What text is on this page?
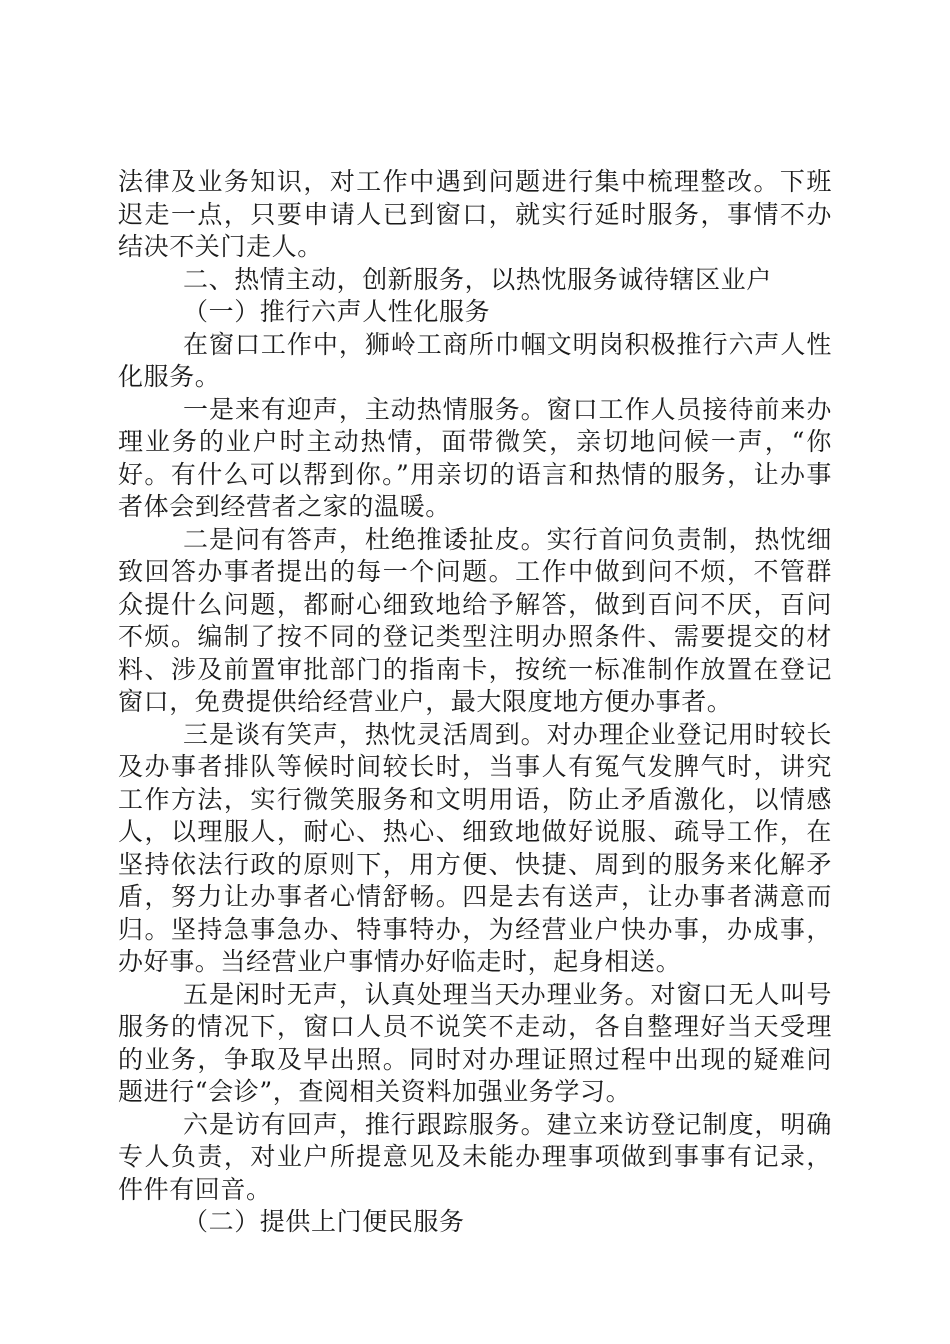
法律及业务知识，对工作中遇到问题进行集中梳理整改。下班迟走一点，只要申请人已到窗口，就实行延时服务，事情不办结决不关门走人。

二、热情主动，创新服务，以热忱服务诚待辖区业户

（一）推行六声人性化服务

在窗口工作中，狮岭工商所巾帼文明岗积极推行六声人性化服务。

一是来有迎声，主动热情服务。窗口工作人员接待前来办理业务的业户时主动热情，面带微笑，亲切地问候一声，“你好。有什么可以帮到你。”用亲切的语言和热情的服务，让办事者体会到经营者之家的温暖。

二是问有答声，杜绝推诿扯皮。实行首问负责制，热忱细致回答办事者提出的每一个问题。工作中做到问不烦，不管群众提什么问题，都耐心细致地给予解答，做到百问不厌，百问不烦。编制了按不同的登记类型注明办照条件、需要提交的材料、涉及前置审批部门的指南卡，按统一标准制作放置在登记窗口，免费提供给经营业户，最大限度地方便办事者。

三是谈有笑声，热忱灵活周到。对办理企业登记用时较长及办事者排队等候时间较长时，当事人有冤气发脾气时，讲究工作方法，实行微笑服务和文明用语，防止矛盾激化，以情感人，以理服人，耐心、热心、细致地做好说服、疏导工作，在坚持依法行政的原则下，用方便、快捷、周到的服务来化解矛盾，努力让办事者心情舒畅。四是去有送声，让办事者满意而归。坚持急事急办、特事特办，为经营业户快办事，办成事，办好事。当经营业户事情办好临走时，起身相送。

五是闲时无声，认真处理当天办理业务。对窗口无人叫号服务的情况下，窗口人员不说笑不走动，各自整理好当天受理的业务，争取及早出照。同时对办理证照过程中出现的疑难问题进行“会诊”，查阅相关资料加强业务学习。

六是访有回声，推行跟踪服务。建立来访登记制度，明确专人负责，对业户所提意见及未能办理事项做到事事有记录，件件有回音。

（二）提供上门便民服务
